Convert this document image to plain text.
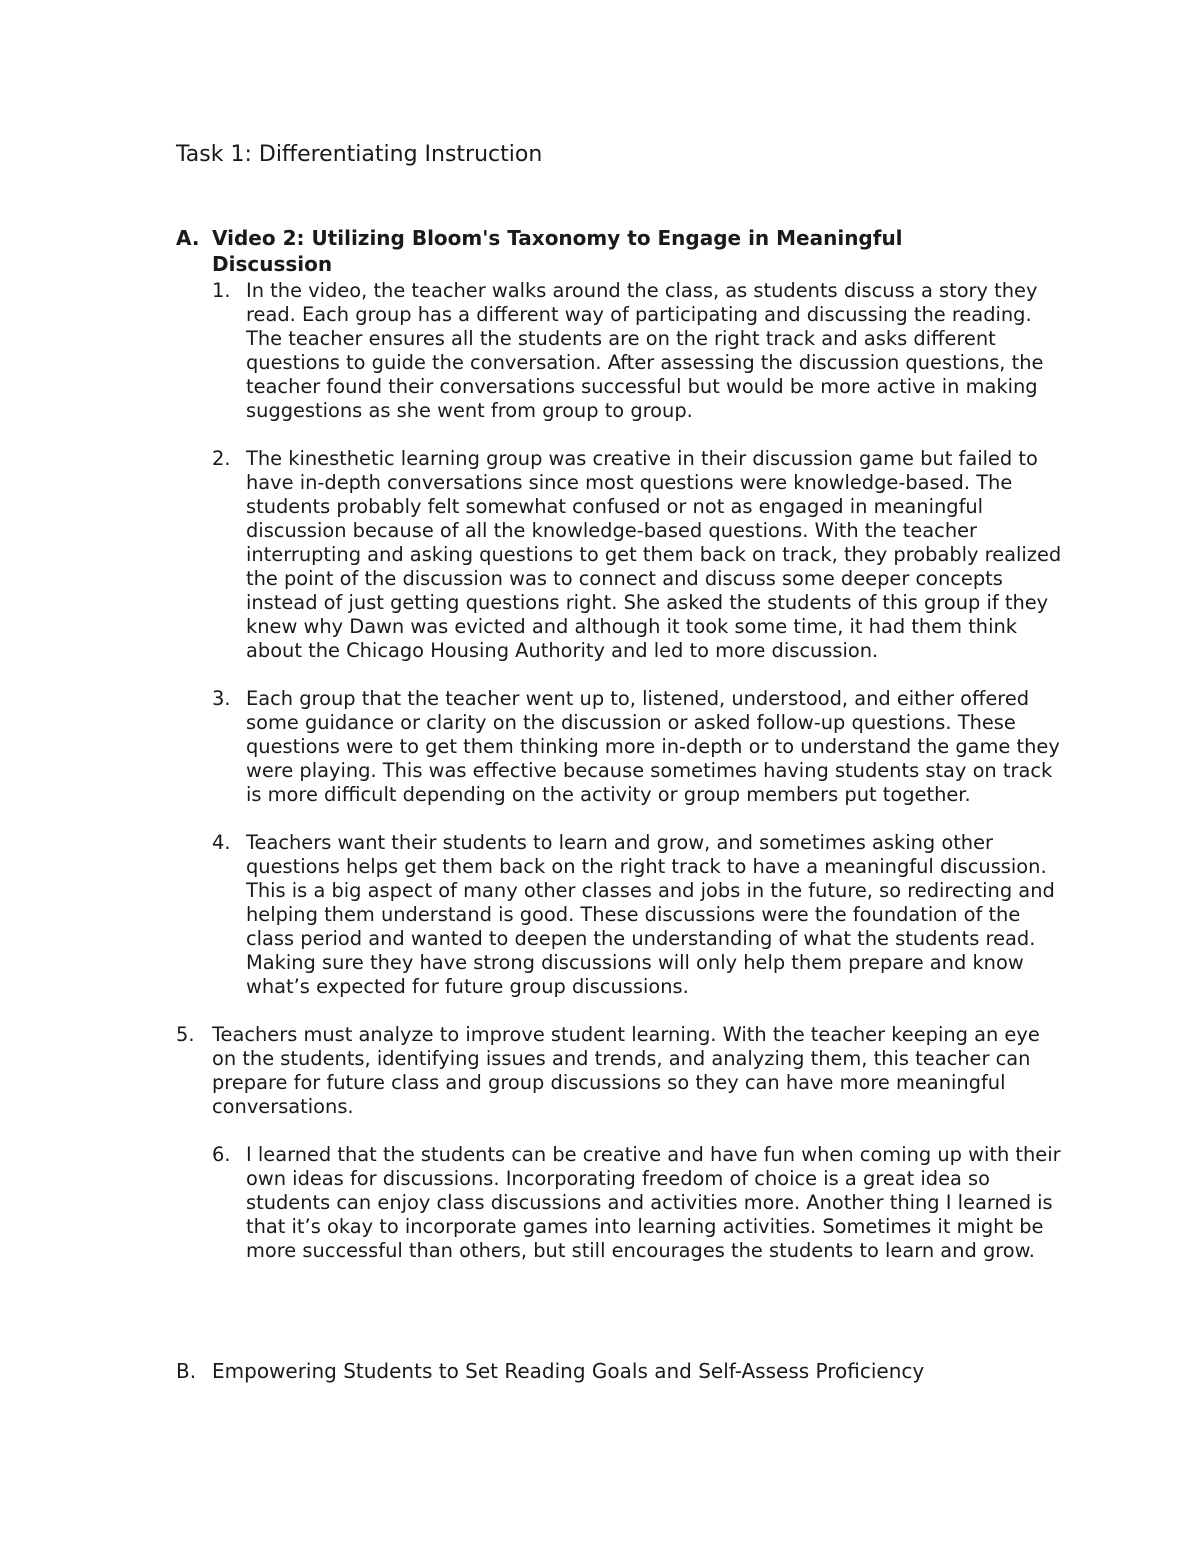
Task 1: Differentiating Instruction
A. Video 2: Utilizing Bloom's Taxonomy to Engage in Meaningful Discussion
1. In the video, the teacher walks around the class, as students discuss a story they read. Each group has a different way of participating and discussing the reading. The teacher ensures all the students are on the right track and asks different questions to guide the conversation. After assessing the discussion questions, the teacher found their conversations successful but would be more active in making suggestions as she went from group to group.
2. The kinesthetic learning group was creative in their discussion game but failed to have in-depth conversations since most questions were knowledge-based. The students probably felt somewhat confused or not as engaged in meaningful discussion because of all the knowledge-based questions. With the teacher interrupting and asking questions to get them back on track, they probably realized the point of the discussion was to connect and discuss some deeper concepts instead of just getting questions right. She asked the students of this group if they knew why Dawn was evicted and although it took some time, it had them think about the Chicago Housing Authority and led to more discussion.
3. Each group that the teacher went up to, listened, understood, and either offered some guidance or clarity on the discussion or asked follow-up questions. These questions were to get them thinking more in-depth or to understand the game they were playing. This was effective because sometimes having students stay on track is more difficult depending on the activity or group members put together.
4. Teachers want their students to learn and grow, and sometimes asking other questions helps get them back on the right track to have a meaningful discussion. This is a big aspect of many other classes and jobs in the future, so redirecting and helping them understand is good. These discussions were the foundation of the class period and wanted to deepen the understanding of what the students read. Making sure they have strong discussions will only help them prepare and know what’s expected for future group discussions.
5. Teachers must analyze to improve student learning. With the teacher keeping an eye on the students, identifying issues and trends, and analyzing them, this teacher can prepare for future class and group discussions so they can have more meaningful conversations.
6. I learned that the students can be creative and have fun when coming up with their own ideas for discussions. Incorporating freedom of choice is a great idea so students can enjoy class discussions and activities more. Another thing I learned is that it’s okay to incorporate games into learning activities. Sometimes it might be more successful than others, but still encourages the students to learn and grow.
B. Empowering Students to Set Reading Goals and Self-Assess Proficiency
